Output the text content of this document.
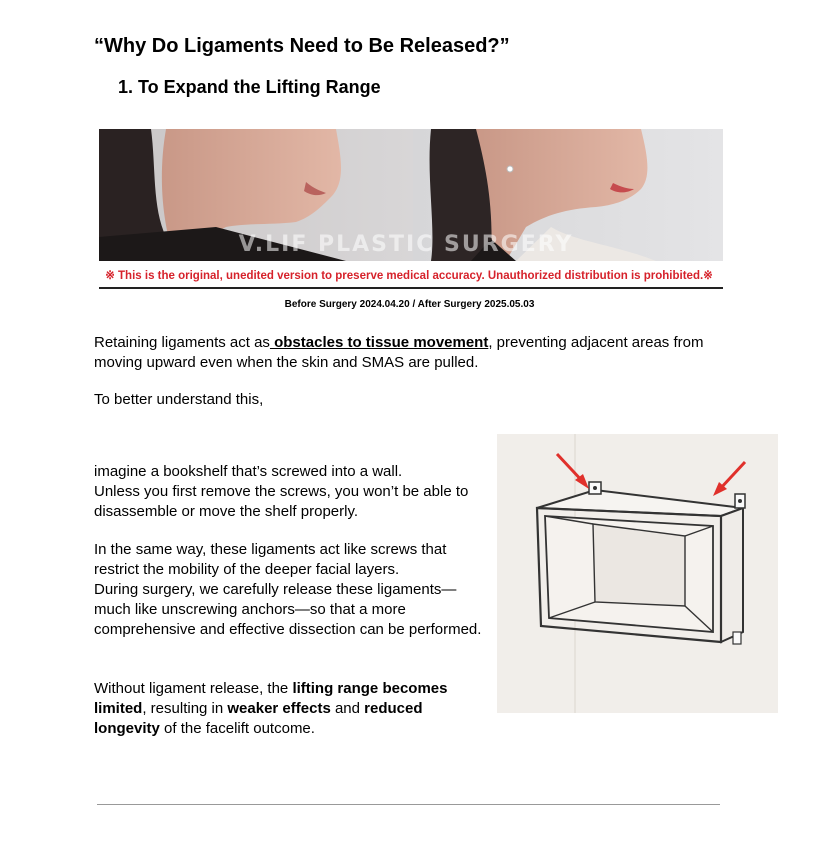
“Why Do Ligaments Need to Be Released?”
1. To Expand the Lifting Range
V.LIF PLASTIC SURGERY
※ This is the original, unedited version to preserve medical accuracy. Unauthorized distribution is prohibited.※
Before Surgery 2024.04.20 / After Surgery 2025.05.03
Retaining ligaments act as obstacles to tissue movement, preventing adjacent areas from moving upward even when the skin and SMAS are pulled.
To better understand this,
imagine a bookshelf that’s screwed into a wall.
Unless you first remove the screws, you won’t be able to disassemble or move the shelf properly.
In the same way, these ligaments act like screws that restrict the mobility of the deeper facial layers.
During surgery, we carefully release these ligaments—much like unscrewing anchors—so that a more comprehensive and effective dissection can be performed.
Without ligament release, the lifting range becomes limited, resulting in weaker effects and reduced longevity of the facelift outcome.
